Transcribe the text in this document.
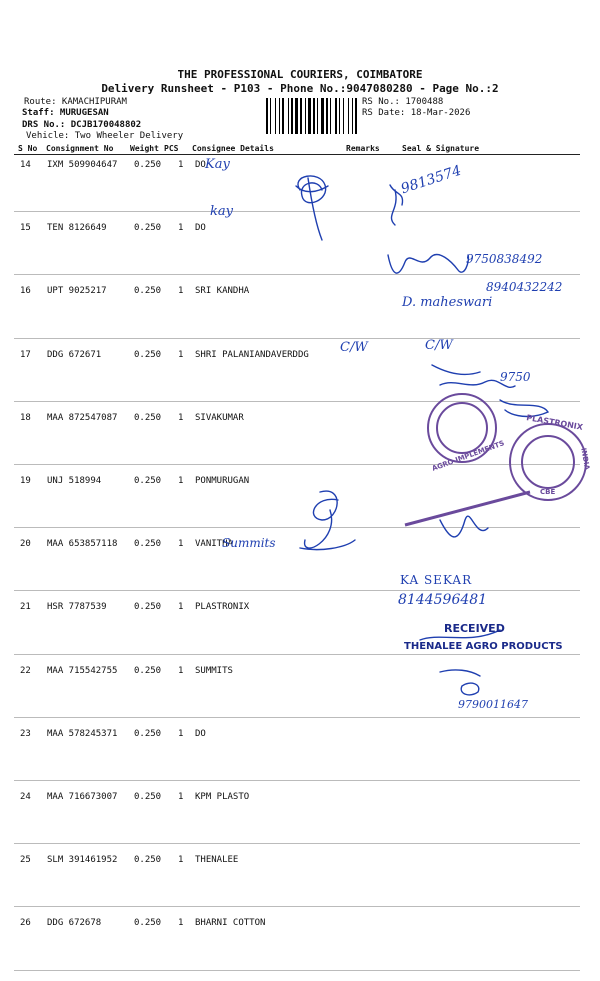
THE PROFESSIONAL COURIERS, COIMBATORE
Delivery Runsheet - P103 - Phone No.:9047080280 - Page No.:2
Route: KAMACHIPURAM
Staff: MURUGESAN
DRS No.: DCJB170048802
Vehicle: Two Wheeler Delivery
RS No.: 1700488
RS Date: 18-Mar-2026
S No Consignment No Weight PCS Consignee Details	Remarks	Seal & Signature
14 IXM 509904647 0.250 1 DO
15 TEN 8126649	0.250 1 DO
16 UPT 9025217	0.250 1 SRI KANDHA
17 DDG 672671	0.250 1 SHRI PALANIANDAVERDDG
18 MAA 872547087 0.250 1 SIVAKUMAR
19 UNJ 518994	0.250 1 PONMURUGAN
20 MAA 653857118 0.250 1 VANITHA
21 HSR 7787539	0.250 1 PLASTRONIX
22 MAA 715542755 0.250 1 SUMMITS
23 MAA 578245371 0.250 1 DO
24 MAA 716673007 0.250 1 KPM PLASTO
25 SLM 391461952 0.250 1 THENALEE
26 DDG 672678	0.250 1 BHARNI COTTON
Kay
kay
9813574
9750838492
D. maheswari
8940432242
C/W	C/W
9750
Summits
KA SEKAR
8144596481
RECEIVED
THENALEE AGRO PRODUCTS
9790011647
AGRO IMPLEMENTS
PLASTRONIX
INDIA
CBE
